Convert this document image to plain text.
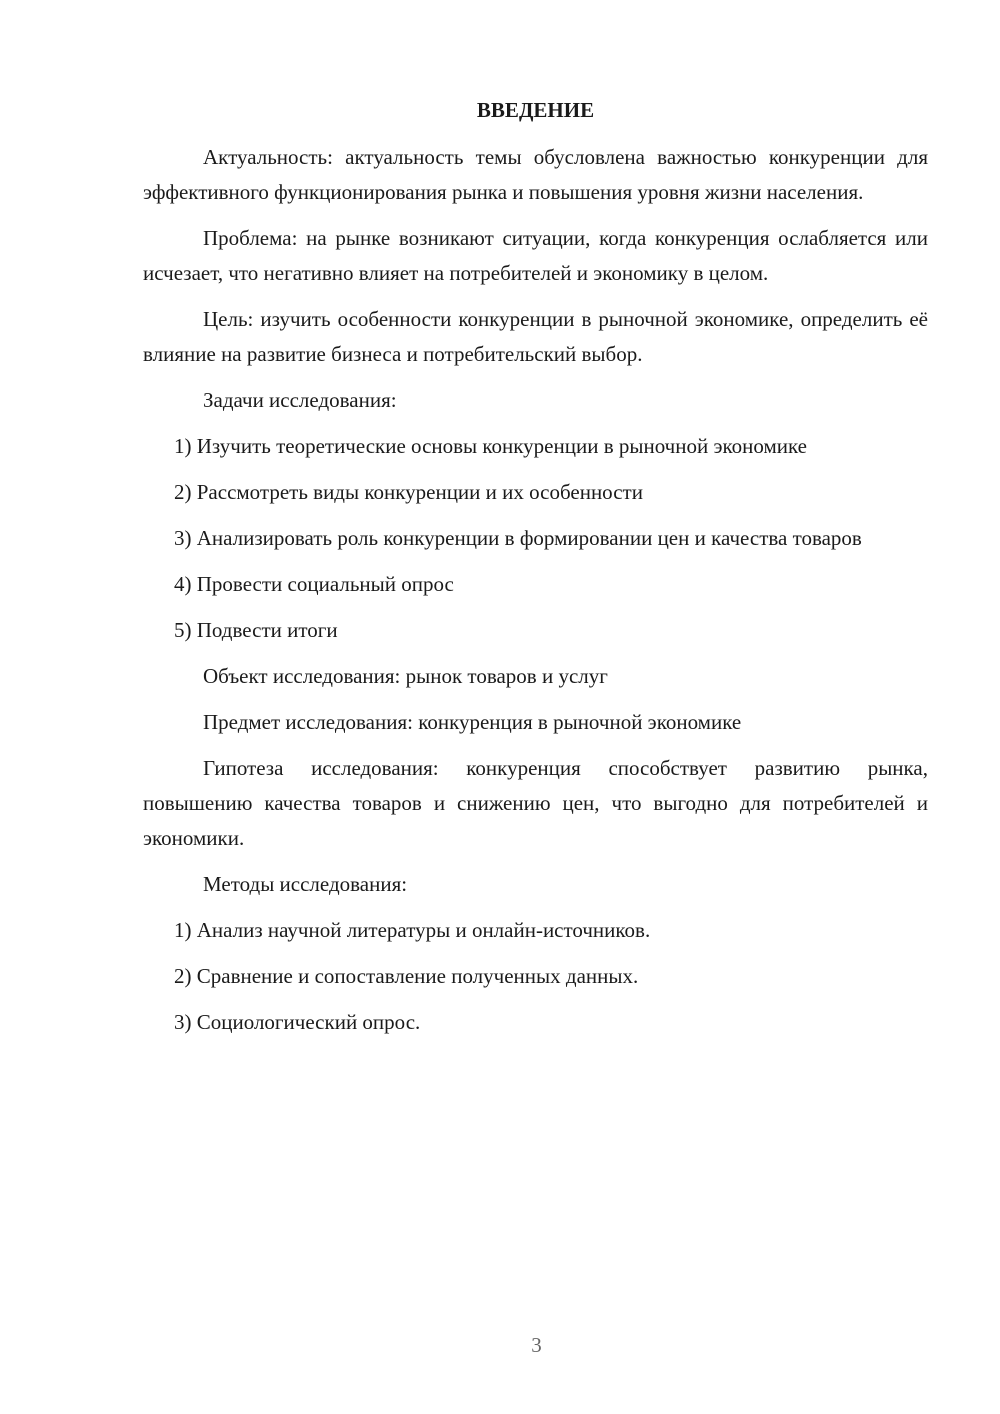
ВВЕДЕНИЕ

Актуальность: актуальность темы обусловлена важностью конкуренции для эффективного функционирования рынка и повышения уровня жизни населения.

Проблема: на рынке возникают ситуации, когда конкуренция ослабляется или исчезает, что негативно влияет на потребителей и экономику в целом.

Цель: изучить особенности конкуренции в рыночной экономике, определить её влияние на развитие бизнеса и потребительский выбор.

Задачи исследования:

1) Изучить теоретические основы конкуренции в рыночной экономике

2) Рассмотреть виды конкуренции и их особенности

3) Анализировать роль конкуренции в формировании цен и качества товаров

4) Провести социальный опрос

5) Подвести итоги

Объект исследования: рынок товаров и услуг

Предмет исследования: конкуренция в рыночной экономике

Гипотеза исследования: конкуренция способствует развитию рынка, повышению качества товаров и снижению цен, что выгодно для потребителей и экономики.

Методы исследования:

1) Анализ научной литературы и онлайн-источников.

2) Сравнение и сопоставление полученных данных.

3) Социологический опрос.

3
